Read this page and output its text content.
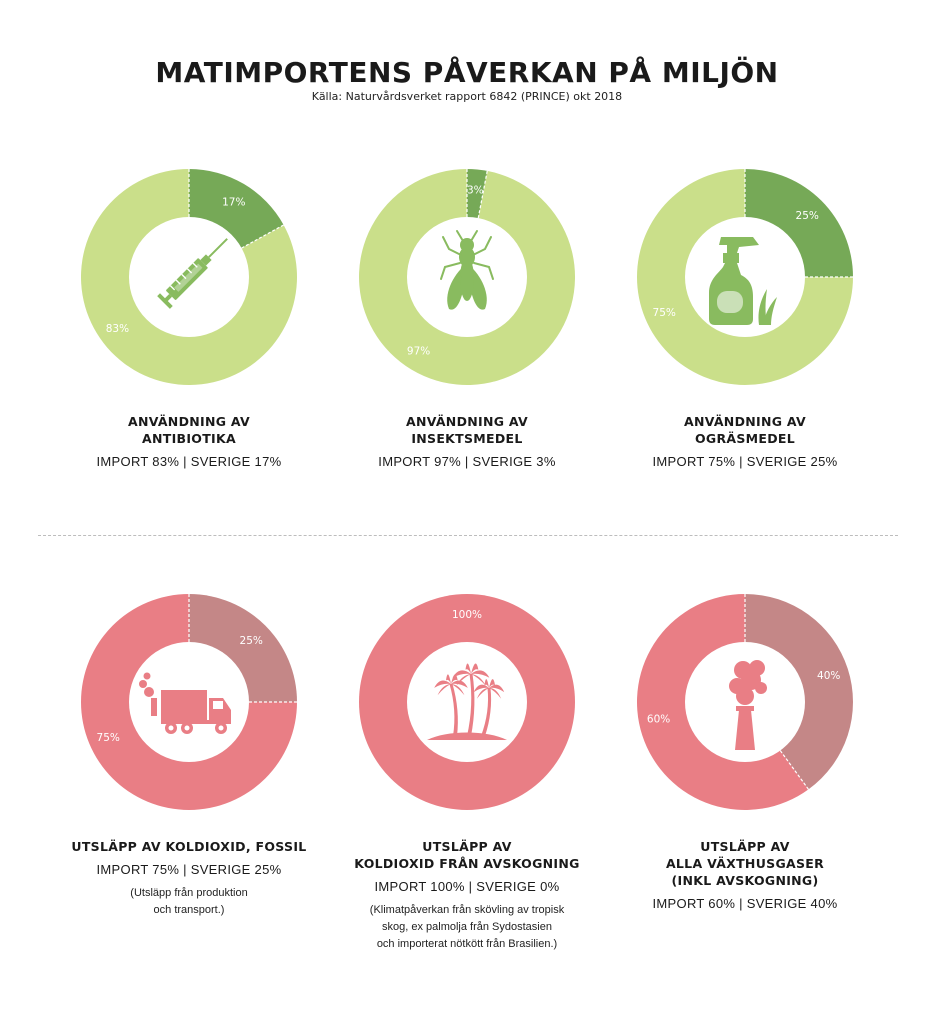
MATIMPORTENS PÅVERKAN PÅ MILJÖN
Källa: Naturvårdsverket rapport 6842 (PRINCE) okt 2018
83%
17%
97%
3%
75%
25%
75%
25%
100%
60%
40%
ANVÄNDNING AV
ANTIBIOTIKA
IMPORT 83% | SVERIGE 17%
ANVÄNDNING AV
INSEKTSMEDEL
IMPORT 97% | SVERIGE 3%
ANVÄNDNING AV
OGRÄSMEDEL
IMPORT 75% | SVERIGE 25%
UTSLÄPP AV KOLDIOXID, FOSSIL
IMPORT 75% | SVERIGE 25%
(Utsläpp från produktion
och transport.)
UTSLÄPP AV
KOLDIOXID FRÅN AVSKOGNING
IMPORT 100% | SVERIGE 0%
(Klimatpåverkan från skövling av tropisk
skog, ex palmolja från Sydostasien
och importerat nötkött från Brasilien.)
UTSLÄPP AV
ALLA VÄXTHUSGASER
(INKL AVSKOGNING)
IMPORT 60% | SVERIGE 40%
